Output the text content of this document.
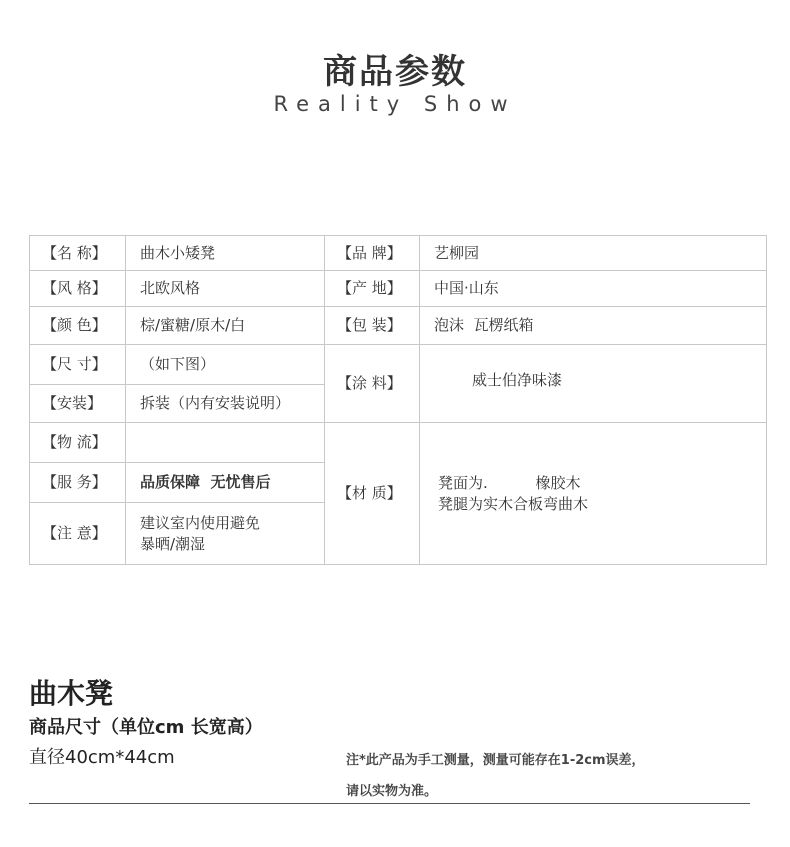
商品参数
Reality Show
【名 称】	曲木小矮凳	【品 牌】	艺柳园
【风 格】	北欧风格	【产 地】	中国·山东
【颜 色】	棕/蜜糖/原木/白	【包 装】	泡沫  瓦楞纸箱
【尺 寸】	（如下图）	【涂 料】	威士伯净味漆
【安装】	拆装（内有安装说明）		
【物 流】		【材 质】	凳面为.          橡胶木
凳腿为实木合板弯曲木

【服 务】	品质保障  无忧售后		
【注 意】	建议室内使用避免
暴晒/潮湿		
曲木凳
商品尺寸（单位cm 长宽高）
直径40cm*44cm	注*此产品为手工测量，测量可能存在1-2cm误差，
请以实物为准。
